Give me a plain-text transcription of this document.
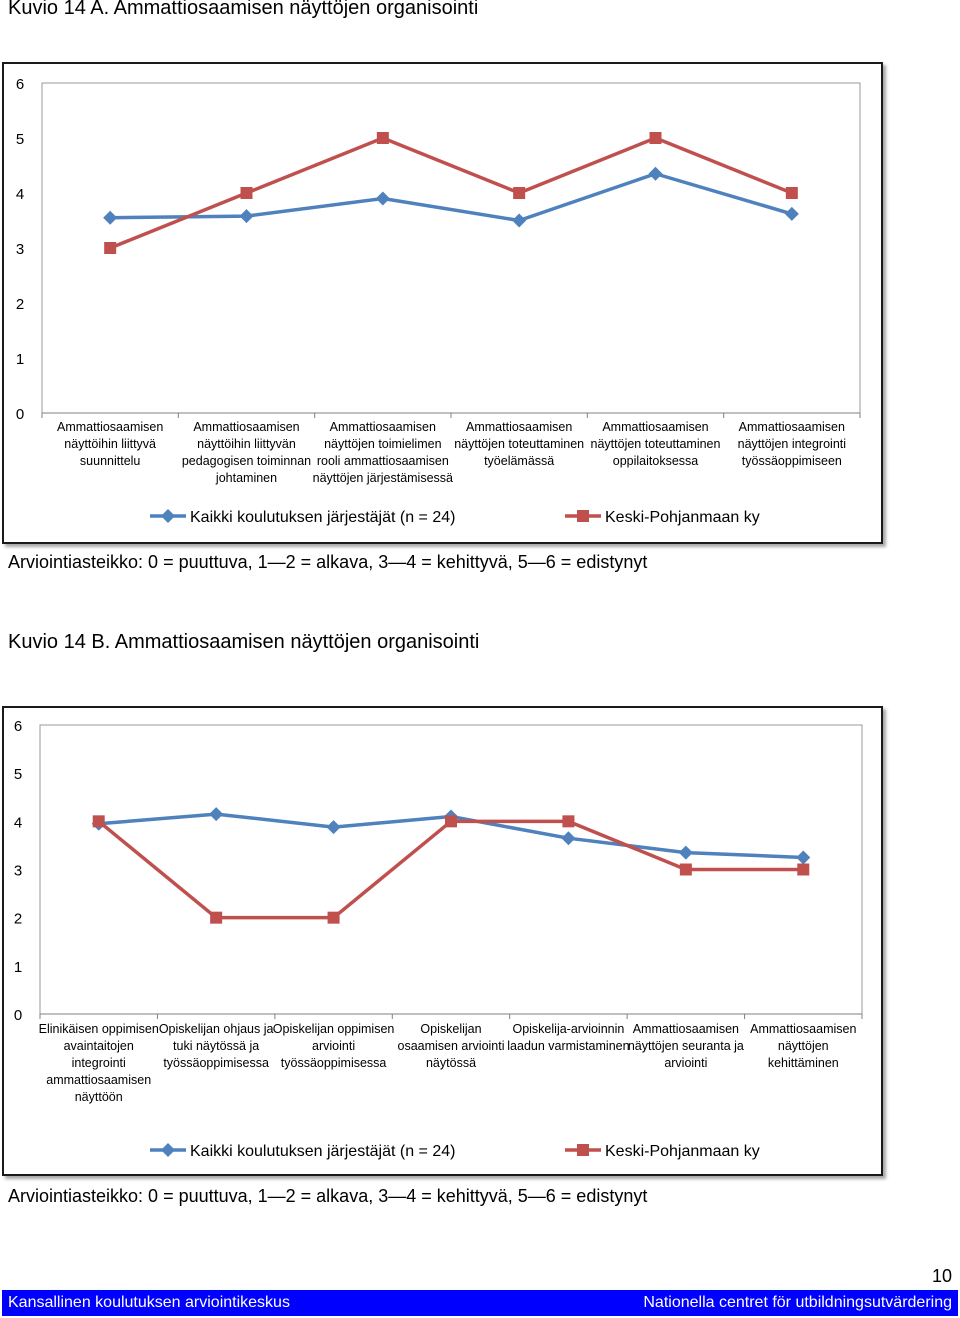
Kuvio 14 A. Ammattiosaamisen näyttöjen organisointi
0
1
2
3
4
5
6
Ammattiosaamisen näyttöihin liittyvä suunnittelu
Ammattiosaamisen näyttöihin liittyvän pedagogisen toiminnan johtaminen
Ammattiosaamisen näyttöjen toimielimen rooli ammattiosaamisen näyttöjen järjestämisessä
Ammattiosaamisen näyttöjen toteuttaminen työelämässä
Ammattiosaamisen näyttöjen toteuttaminen oppilaitoksessa
Ammattiosaamisen näyttöjen integrointi työssäoppimiseen
Kaikki koulutuksen järjestäjät (n = 24)	Keski-Pohjanmaan ky
Arviointiasteikko: 0 = puuttuva, 1—2 = alkava, 3—4 = kehittyvä, 5—6 = edistynyt
Kuvio 14 B. Ammattiosaamisen näyttöjen organisointi
0
1
2
3
4
5
6
Elinikäisen oppimisen avaintaitojen integrointi ammattiosaamisen näyttöön
Opiskelijan ohjaus ja tuki näytössä ja työssäoppimisessa
Opiskelijan oppimisen arviointi työssäoppimisessa
Opiskelijan osaamisen arviointi näytössä
Opiskelija-arvioinnin laadun varmistaminen
Ammattiosaamisen näyttöjen seuranta ja arviointi
Ammattiosaamisen näyttöjen kehittäminen
Kaikki koulutuksen järjestäjät (n = 24)	Keski-Pohjanmaan ky
Arviointiasteikko: 0 = puuttuva, 1—2 = alkava, 3—4 = kehittyvä, 5—6 = edistynyt
10
Kansallinen koulutuksen arviointikeskus	Nationella centret för utbildningsutvärdering
